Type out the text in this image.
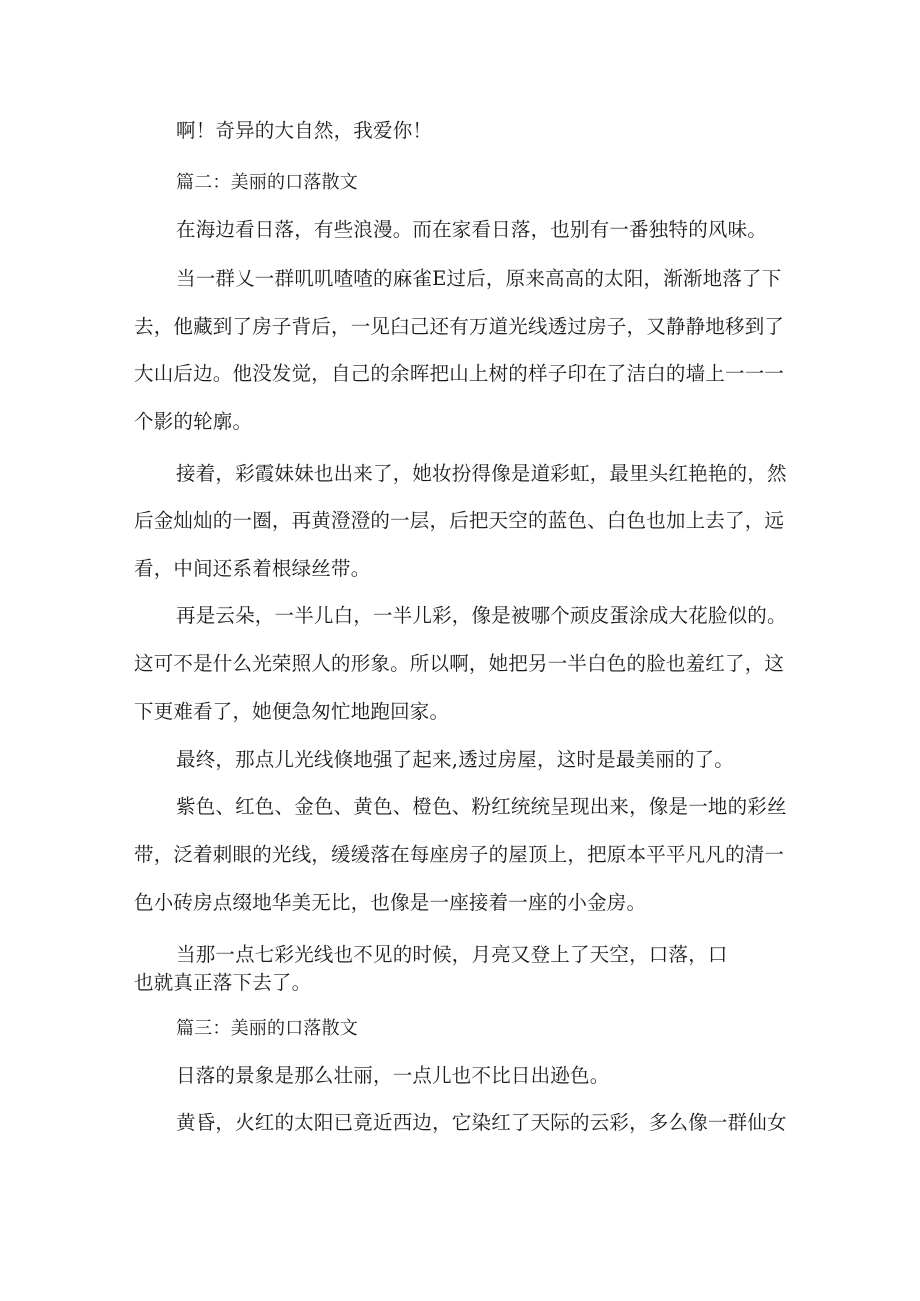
啊！奇异的大自然，我爱你！
篇二：美丽的口落散文
在海边看日落，有些浪漫。而在家看日落，也别有一番独特的风味。
当一群乂一群叽叽喳喳的麻雀E过后，原来高高的太阳，渐渐地落了下
去，他藏到了房子背后，一见臼己还有万道光线透过房子，又静静地移到了
大山后边。他没发觉，自己的余晖把山上树的样子印在了洁白的墙上一一一
个影的轮廓。
接着，彩霞妹妹也出来了，她妆扮得像是道彩虹，最里头红艳艳的，然
后金灿灿的一圈，再黄澄澄的一层，后把天空的蓝色、白色也加上去了，远
看，中间还系着根绿丝带。
再是云朵，一半儿白，一半儿彩，像是被哪个顽皮蛋涂成大花脸似的。
这可不是什么光荣照人的形象。所以啊，她把另一半白色的脸也羞红了，这
下更难看了，她便急匆忙地跑回家。
最终，那点儿光线倏地强了起来,透过房屋，这时是最美丽的了。
紫色、红色、金色、黄色、橙色、粉红统统呈现出来，像是一地的彩丝
带，泛着刺眼的光线，缓缓落在每座房子的屋顶上，把原本平平凡凡的清一
色小砖房点缀地华美无比，也像是一座接着一座的小金房。
当那一点七彩光线也不见的时候，月亮又登上了天空，口落，口
也就真正落下去了。
篇三：美丽的口落散文
日落的景象是那么壮丽，一点儿也不比日出逊色。
黄昏，火红的太阳已竟近西边，它染红了天际的云彩，多么像一群仙女
